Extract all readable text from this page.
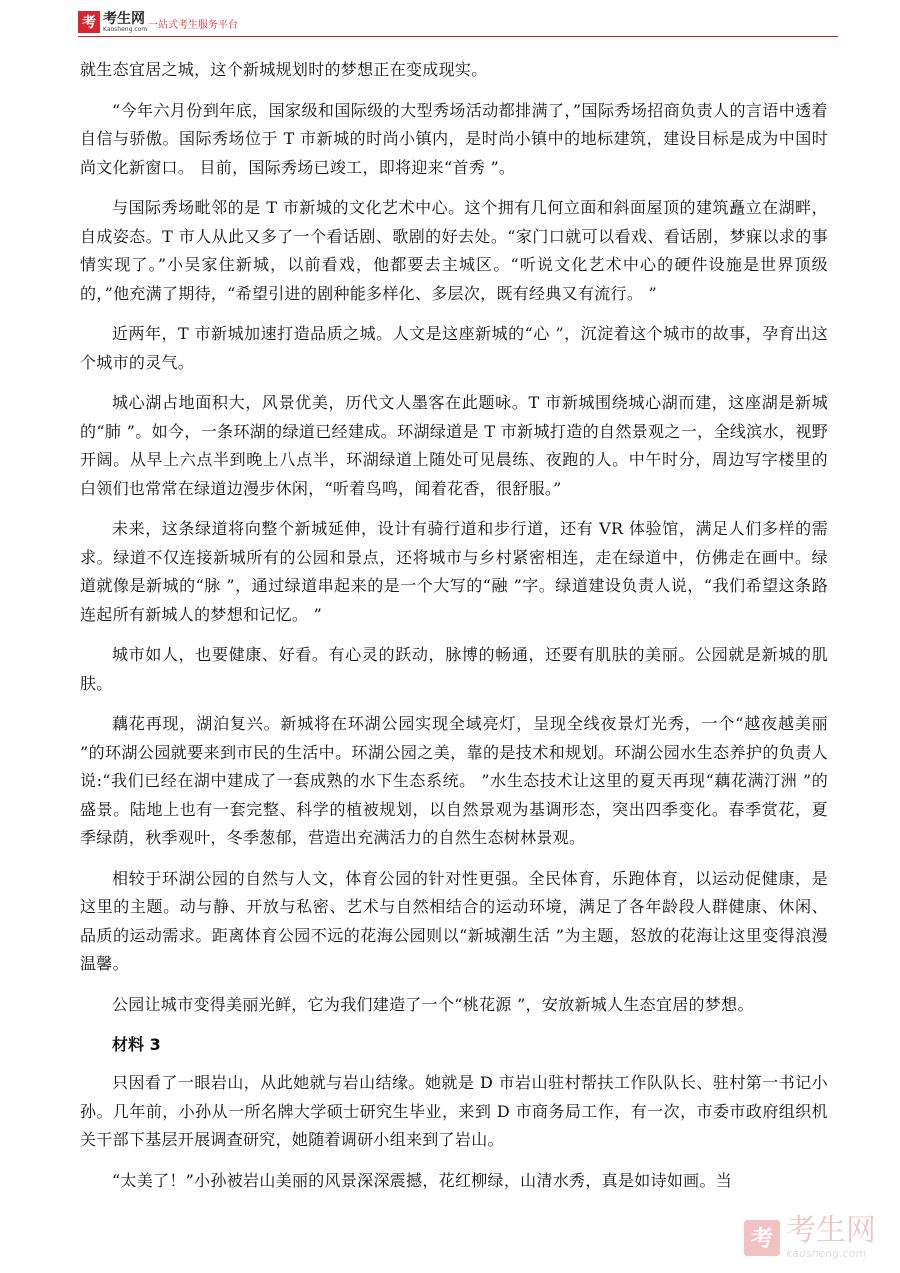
考 考生网
Kaosheng.com 一站式考生服务平台

就生态宜居之城，这个新城规划时的梦想正在变成现实。

“今年六月份到年底，国家级和国际级的大型秀场活动都排满了，”国际秀场招商负责人的言语中透着自信与骄傲。国际秀场位于 T 市新城的时尚小镇内，是时尚小镇中的地标建筑，建设目标是成为中国时尚文化新窗口。 目前，国际秀场已竣工，即将迎来“首秀 ”。

与国际秀场毗邻的是 T 市新城的文化艺术中心。这个拥有几何立面和斜面屋顶的建筑矗立在湖畔， 自成姿态。T 市人从此又多了一个看话剧、歌剧的好去处。“家门口就可以看戏、看话剧，梦寐以求的事情实现了。”小吴家住新城，以前看戏，他都要去主城区。“听说文化艺术中心的硬件设施是世界顶级的，”他充满了期待，“希望引进的剧种能多样化、多层次，既有经典又有流行。 ”

近两年，T 市新城加速打造品质之城。人文是这座新城的“心 ”，沉淀着这个城市的故事，孕育出这个城市的灵气。

城心湖占地面积大，风景优美，历代文人墨客在此题咏。T 市新城围绕城心湖而建，这座湖是新城的“肺 ”。如今，一条环湖的绿道已经建成。环湖绿道是 T 市新城打造的自然景观之一，全线滨水，视野开阔。从早上六点半到晚上八点半，环湖绿道上随处可见晨练、夜跑的人。中午时分，周边写字楼里的白领们也常常在绿道边漫步休闲，“听着鸟鸣，闻着花香，很舒服。”

未来，这条绿道将向整个新城延伸，设计有骑行道和步行道，还有 VR 体验馆，满足人们多样的需求。绿道不仅连接新城所有的公园和景点，还将城市与乡村紧密相连，走在绿道中，仿佛走在画中。绿道就像是新城的“脉 ”，通过绿道串起来的是一个大写的“融 ”字。绿道建设负责人说，“我们希望这条路连起所有新城人的梦想和记忆。 ”

城市如人，也要健康、好看。有心灵的跃动，脉博的畅通，还要有肌肤的美丽。公园就是新城的肌肤。

藕花再现，湖泊复兴。新城将在环湖公园实现全域亮灯，呈现全线夜景灯光秀，一个“越夜越美丽 ”的环湖公园就要来到市民的生活中。环湖公园之美，靠的是技术和规划。环湖公园水生态养护的负责人说:“我们已经在湖中建成了一套成熟的水下生态系统。 ”水生态技术让这里的夏天再现“藕花满汀洲 ”的盛景。陆地上也有一套完整、科学的植被规划，以自然景观为基调形态，突出四季变化。春季赏花，夏季绿荫，秋季观叶，冬季葱郁，营造出充满活力的自然生态树林景观。

相较于环湖公园的自然与人文，体育公园的针对性更强。全民体育，乐跑体育，以运动促健康，是这里的主题。动与静、开放与私密、艺术与自然相结合的运动环境，满足了各年龄段人群健康、休闲、品质的运动需求。距离体育公园不远的花海公园则以“新城潮生活 ”为主题，怒放的花海让这里变得浪漫温馨。

公园让城市变得美丽光鲜，它为我们建造了一个“桃花源 ”，安放新城人生态宜居的梦想。

材料 3

只因看了一眼岩山，从此她就与岩山结缘。她就是 D 市岩山驻村帮扶工作队队长、驻村第一书记小孙。几年前，小孙从一所名牌大学硕士研究生毕业，来到 D 市商务局工作，有一次，市委市政府组织机关干部下基层开展调查研究，她随着调研小组来到了岩山。

“太美了！”小孙被岩山美丽的风景深深震撼，花红柳绿，山清水秀，真是如诗如画。当

考 考生网
kaosheng.com
